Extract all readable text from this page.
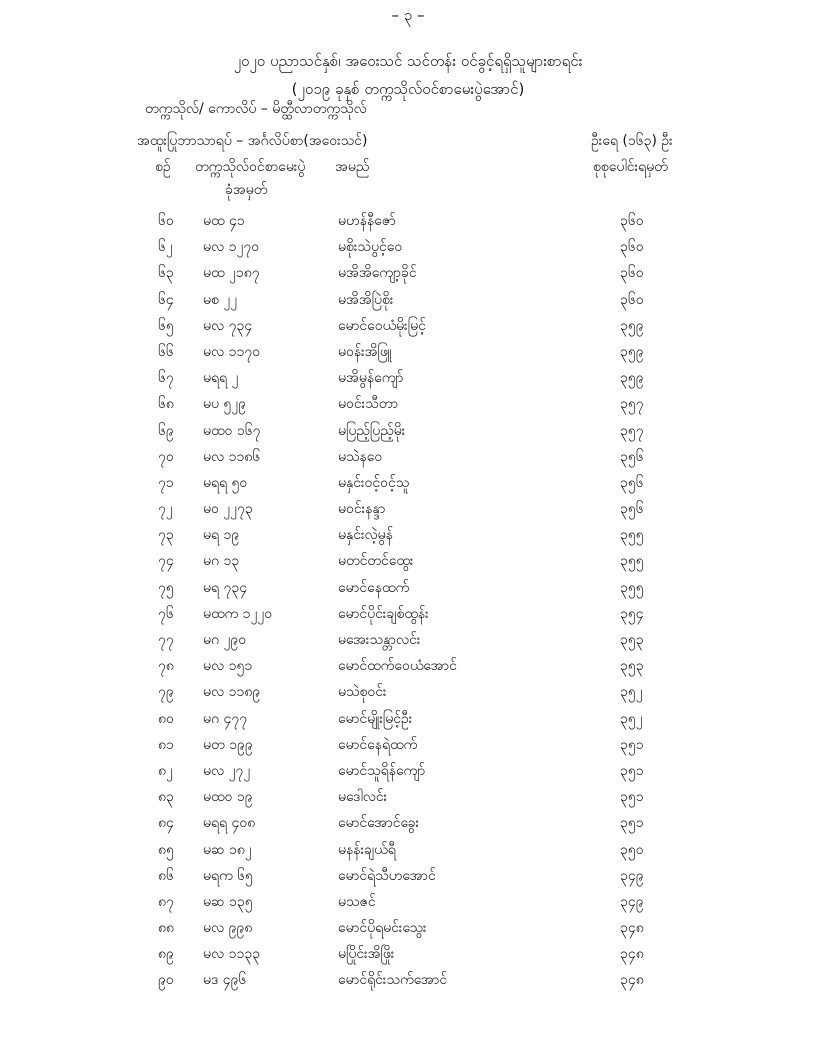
– ၃ –
၂၀၂၀ ပညာသင်နှစ်၊ အဝေးသင် သင်တန်း ဝင်ခွင့်ရရှိသူများစာရင်း
(၂၀၁၉ ခုနှစ် တက္ကသိုလ်ဝင်စာမေးပွဲအောင်)
တက္ကသိုလ်/ ကောလိပ် – မိတ္ထီလာတက္ကသိုလ်
အထူးပြုဘာသာရပ် – အင်္ဂလိပ်စာ(အဝေးသင်)	ဦးရေ (၁၆၃) ဦး
စဉ် တက္ကသိုလ်ဝင်စာမေးပွဲ
ခုံအမှတ်
အမည်	စုစုပေါင်းရမှတ်
၆၀ မထ ၄၁	မဟန်နီဇော်	၃၆၀
၆၂ မလ ၁၂၇၀	မစိုးသဲပွင့်ဝေ	၃၆၀
၆၃ မထ ၂၁၈၇	မအိအိကျော့ခိုင်	၃၆၀
၆၄ မစ ၂၂	မအိအိပြဲစိုး	၃၆၀
၆၅ မလ ၇၃၄	မောင်ဝေယံမိုးမြင့်	၃၅၉
၆၆ မလ ၁၁၇၀	မဝန်းအိဖြူ	၃၅၉
၆၇ မရရ ၂	မအိမွန်ကျော်	၃၅၉
၆၈ မပ ၅၂၉	မဝင်းသီတာ	၃၅၇
၆၉ မထဝ ၁၆၇	မပြည့်ပြည့်မိုး	၃၅၇
၇၀ မလ ၁၁၈၆	မသဲနဝေ	၃၅၆
၇၁ မရရ ၅၀	မနှင်းဝင့်ဝင့်သူ	၃၅၆
၇၂ မဝ ၂၂၇၃	မဝင်းနန္ဒာ	၃၅၆
၇၃ မရ ၁၉	မနှင်းလဲ့မွန်	၃၅၅
၇၄ မဂ ၁၃	မတင်တင်ထွေး	၃၅၅
၇၅ မရ ၇၃၄	မောင်နေထက်	၃၅၅
၇၆ မထက ၁၂၂၀	မောင်ပိုင်းချစ်ထွန်း	၃၅၄
၇၇ မဂ ၂၉၀	မအေးသန္တာလင်း	၃၅၃
၇၈ မလ ၁၅၁	မောင်ထက်ဝေယံအောင်	၃၅၃
၇၉ မလ ၁၁၈၉	မသဲစုဝင်း	၃၅၂
၈၀ မဂ ၄၇၇	မောင်မျိုးမြင့်ဦး	၃၅၂
၈၁ မတ ၁၉၉	မောင်နေရဲထက်	၃၅၁
၈၂ မလ ၂၇၂	မောင်သူရိန်ကျော်	၃၅၁
၈၃ မထဝ ၁၉	မဒေါလင်း	၃၅၁
၈၄ မရရ ၄၀၈	မောင်အောင်ခွေး	၃၅၁
၈၅ မဆ ၁၈၂	မနန်းချယ်ရီ	၃၅၀
၈၆ မရက ၆၅	မောင်ရဲသီဟအောင်	၃၄၉
၈၇ မဆ ၁၃၅	မသဇင်	၃၄၉
၈၈ မလ ၉၉၈	မောင်ပိုရမင်းသွေး	၃၄၈
၈၉ မလ ၁၁၃၃	မပြိုင်းအိဖြိုး	၃၄၈
၉၀ မဒ ၄၉၆	မောင်ရိုင်းသက်အောင်	၃၄၈
